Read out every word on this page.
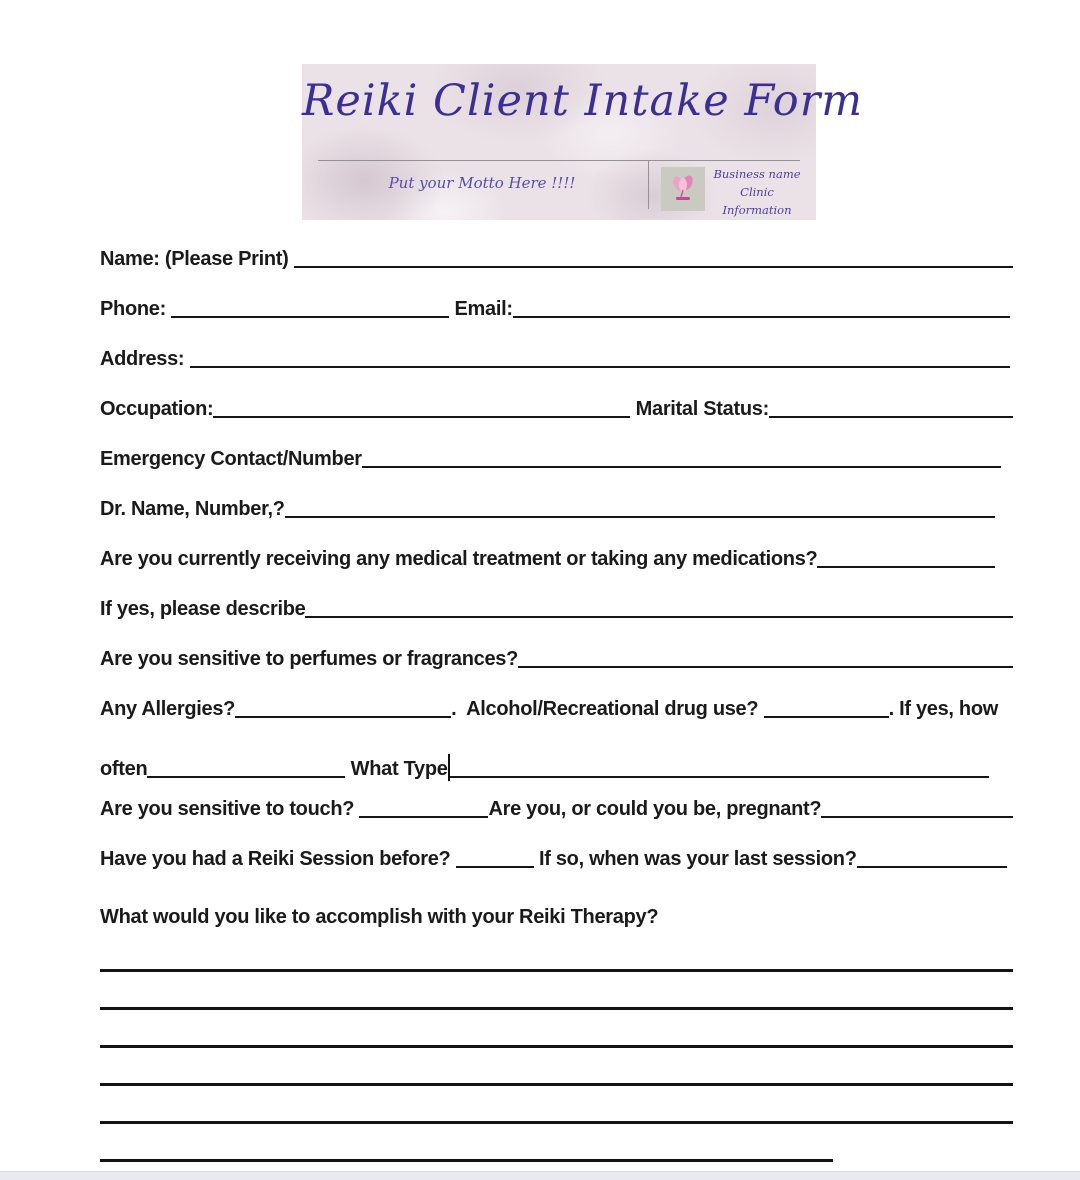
Reiki Client Intake Form
Put your Motto Here !!!!	Business name
Clinic Information
Name: (Please Print)
Phone:	Email:
Address:
Occupation:	Marital Status:
Emergency Contact/Number
Dr. Name, Number,?
Are you currently receiving any medical treatment or taking any medications?
If yes, please describe
Are you sensitive to perfumes or fragrances?
Any Allergies?	.  Alcohol/Recreational drug use?	. If yes, how
often	What Type
Are you sensitive to touch?	Are you, or could you be, pregnant?
Have you had a Reiki Session before?	If so, when was your last session?
What would you like to accomplish with your Reiki Therapy?
